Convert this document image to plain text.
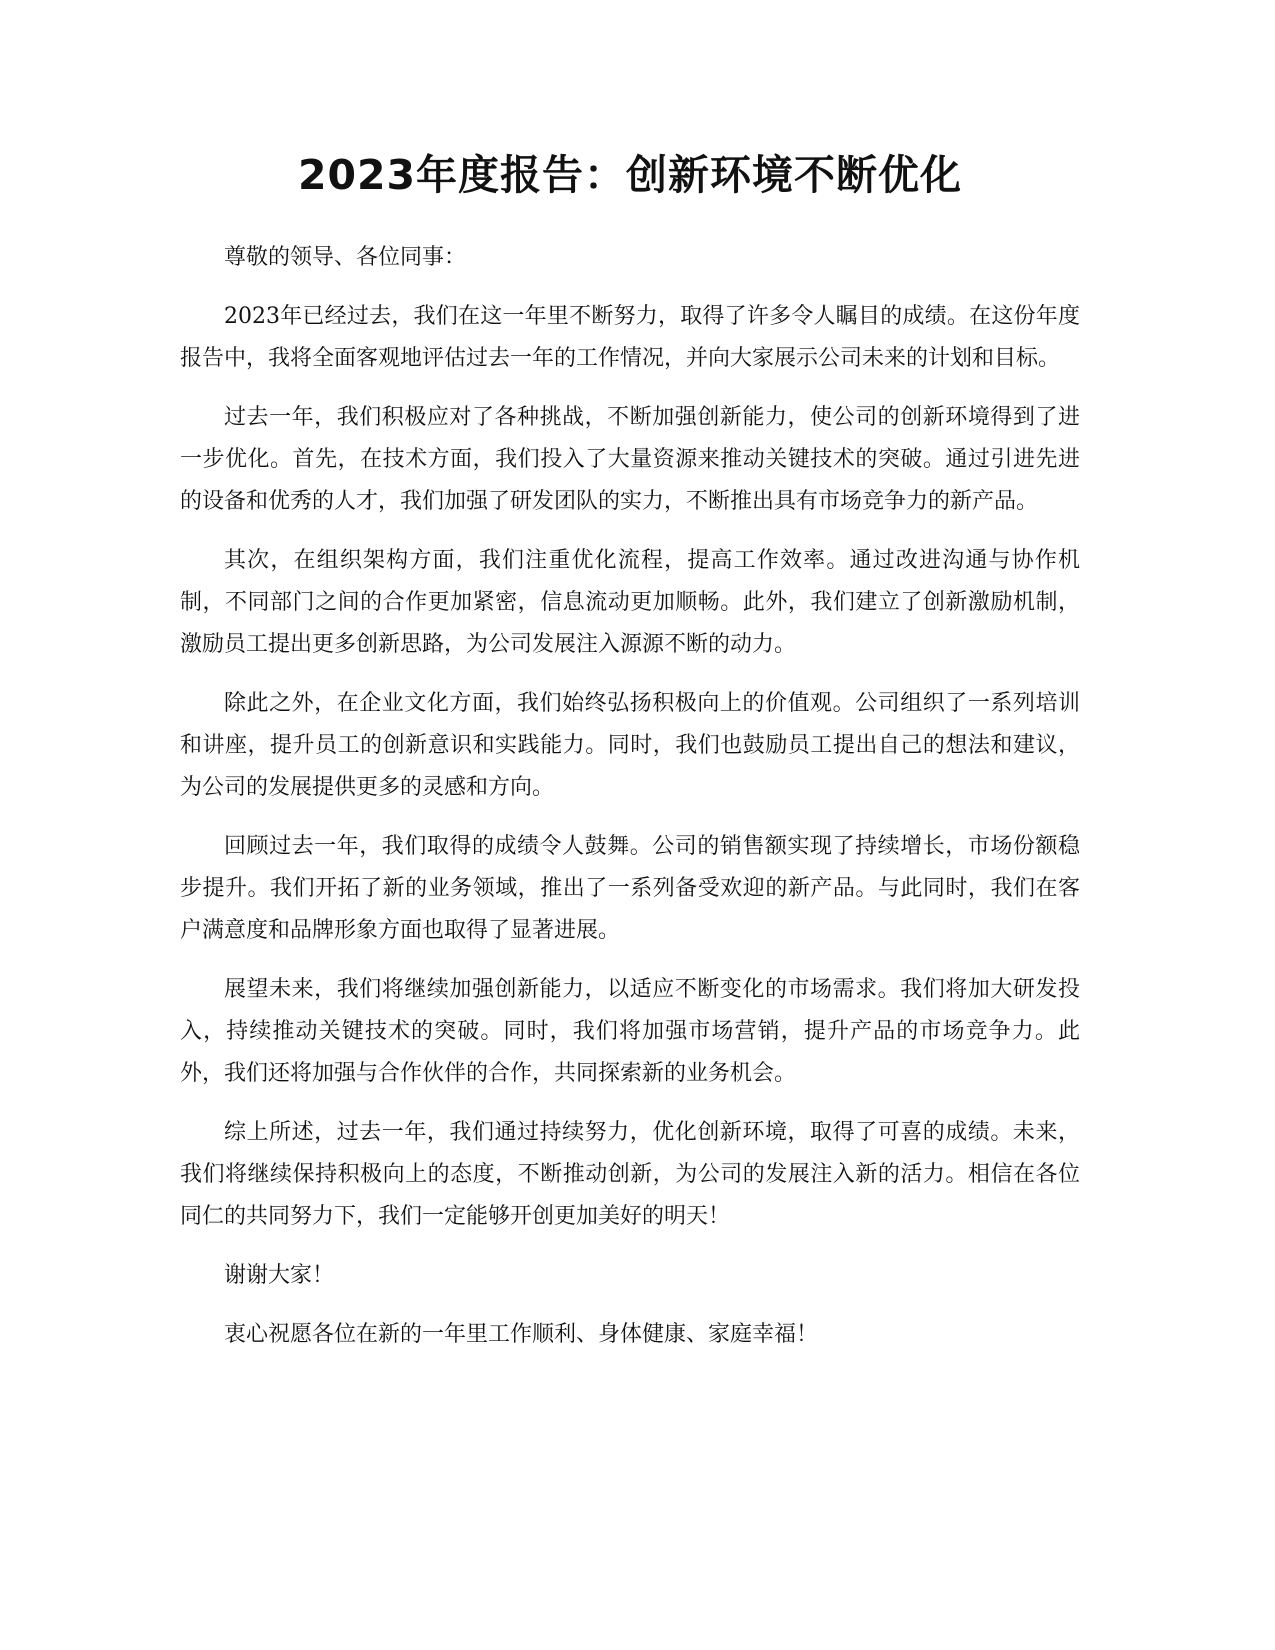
2023年度报告：创新环境不断优化

尊敬的领导、各位同事：

2023年已经过去，我们在这一年里不断努力，取得了许多令人瞩目的成绩。在这份年度报告中，我将全面客观地评估过去一年的工作情况，并向大家展示公司未来的计划和目标。

过去一年，我们积极应对了各种挑战，不断加强创新能力，使公司的创新环境得到了进一步优化。首先，在技术方面，我们投入了大量资源来推动关键技术的突破。通过引进先进的设备和优秀的人才，我们加强了研发团队的实力，不断推出具有市场竞争力的新产品。

其次，在组织架构方面，我们注重优化流程，提高工作效率。通过改进沟通与协作机制，不同部门之间的合作更加紧密，信息流动更加顺畅。此外，我们建立了创新激励机制，激励员工提出更多创新思路，为公司发展注入源源不断的动力。

除此之外，在企业文化方面，我们始终弘扬积极向上的价值观。公司组织了一系列培训和讲座，提升员工的创新意识和实践能力。同时，我们也鼓励员工提出自己的想法和建议，为公司的发展提供更多的灵感和方向。

回顾过去一年，我们取得的成绩令人鼓舞。公司的销售额实现了持续增长，市场份额稳步提升。我们开拓了新的业务领域，推出了一系列备受欢迎的新产品。与此同时，我们在客户满意度和品牌形象方面也取得了显著进展。

展望未来，我们将继续加强创新能力，以适应不断变化的市场需求。我们将加大研发投入，持续推动关键技术的突破。同时，我们将加强市场营销，提升产品的市场竞争力。此外，我们还将加强与合作伙伴的合作，共同探索新的业务机会。

综上所述，过去一年，我们通过持续努力，优化创新环境，取得了可喜的成绩。未来，我们将继续保持积极向上的态度，不断推动创新，为公司的发展注入新的活力。相信在各位同仁的共同努力下，我们一定能够开创更加美好的明天！

谢谢大家！

衷心祝愿各位在新的一年里工作顺利、身体健康、家庭幸福！
